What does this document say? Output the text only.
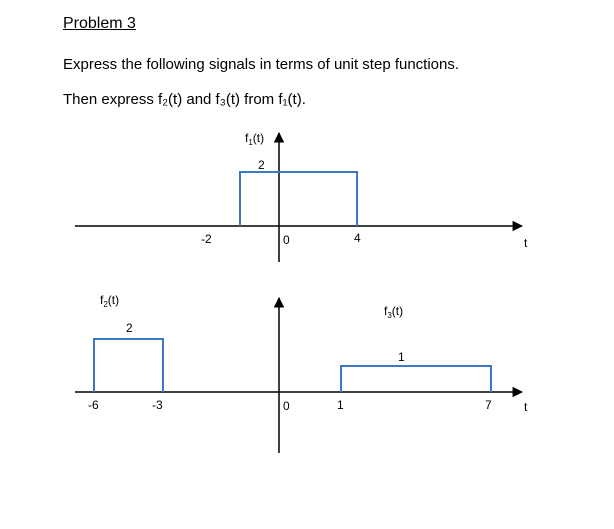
Problem 3
Express the following signals in terms of unit step functions.
Then express f₂(t) and f₃(t) from f₁(t).
$f_1(t)$
2
-2	0	4	t
$f_2(t)$
2
$f_3(t)$
1
-6	-3	0	1	7	t
